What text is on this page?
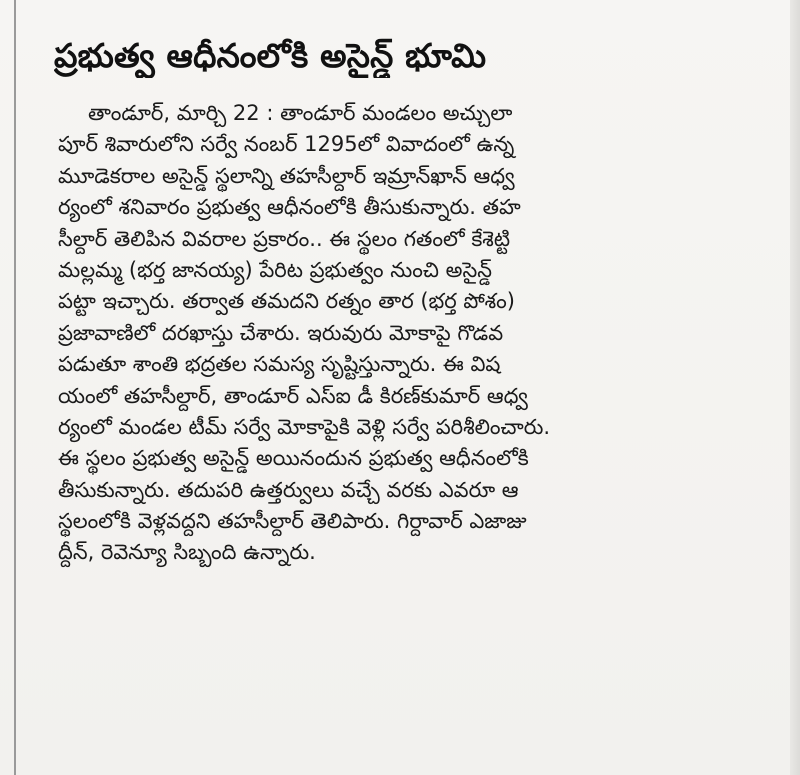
ప్రభుత్వ ఆధీనంలోకి అసైన్డ్ భూమి
తాండూర్, మార్చి 22 : తాండూర్ మండలం అచ్చులా
పూర్ శివారులోని సర్వే నంబర్ 1295లో వివాదంలో ఉన్న
మూడెకరాల అసైన్డ్ స్థలాన్ని తహసీల్దార్ ఇమ్రాన్‌ఖాన్ ఆధ్వ
ర్యంలో శనివారం ప్రభుత్వ ఆధీనంలోకి తీసుకున్నారు. తహ
సీల్దార్ తెలిపిన వివరాల ప్రకారం.. ఈ స్థలం గతంలో కేశెట్టి
మల్లమ్మ (భర్త జానయ్య) పేరిట ప్రభుత్వం నుంచి అసైన్డ్
పట్టా ఇచ్చారు. తర్వాత తమదని రత్నం తార (భర్త పోశం)
ప్రజావాణిలో దరఖాస్తు చేశారు. ఇరువురు మోకాపై గొడవ
పడుతూ శాంతి భద్రతల సమస్య సృష్టిస్తున్నారు. ఈ విష
యంలో తహసీల్దార్, తాండూర్ ఎస్ఐ డీ కిరణ్‌కుమార్ ఆధ్వ
ర్యంలో మండల టీమ్ సర్వే మోకాపైకి వెళ్లి సర్వే పరిశీలించారు.
ఈ స్థలం ప్రభుత్వ అసైన్డ్ అయినందున ప్రభుత్వ ఆధీనంలోకి
తీసుకున్నారు. తదుపరి ఉత్తర్వులు వచ్చే వరకు ఎవరూ ఆ
స్థలంలోకి వెళ్లవద్దని తహసీల్దార్ తెలిపారు. గిర్దావార్ ఎజాజు
ద్దీన్, రెవెన్యూ సిబ్బంది ఉన్నారు.
